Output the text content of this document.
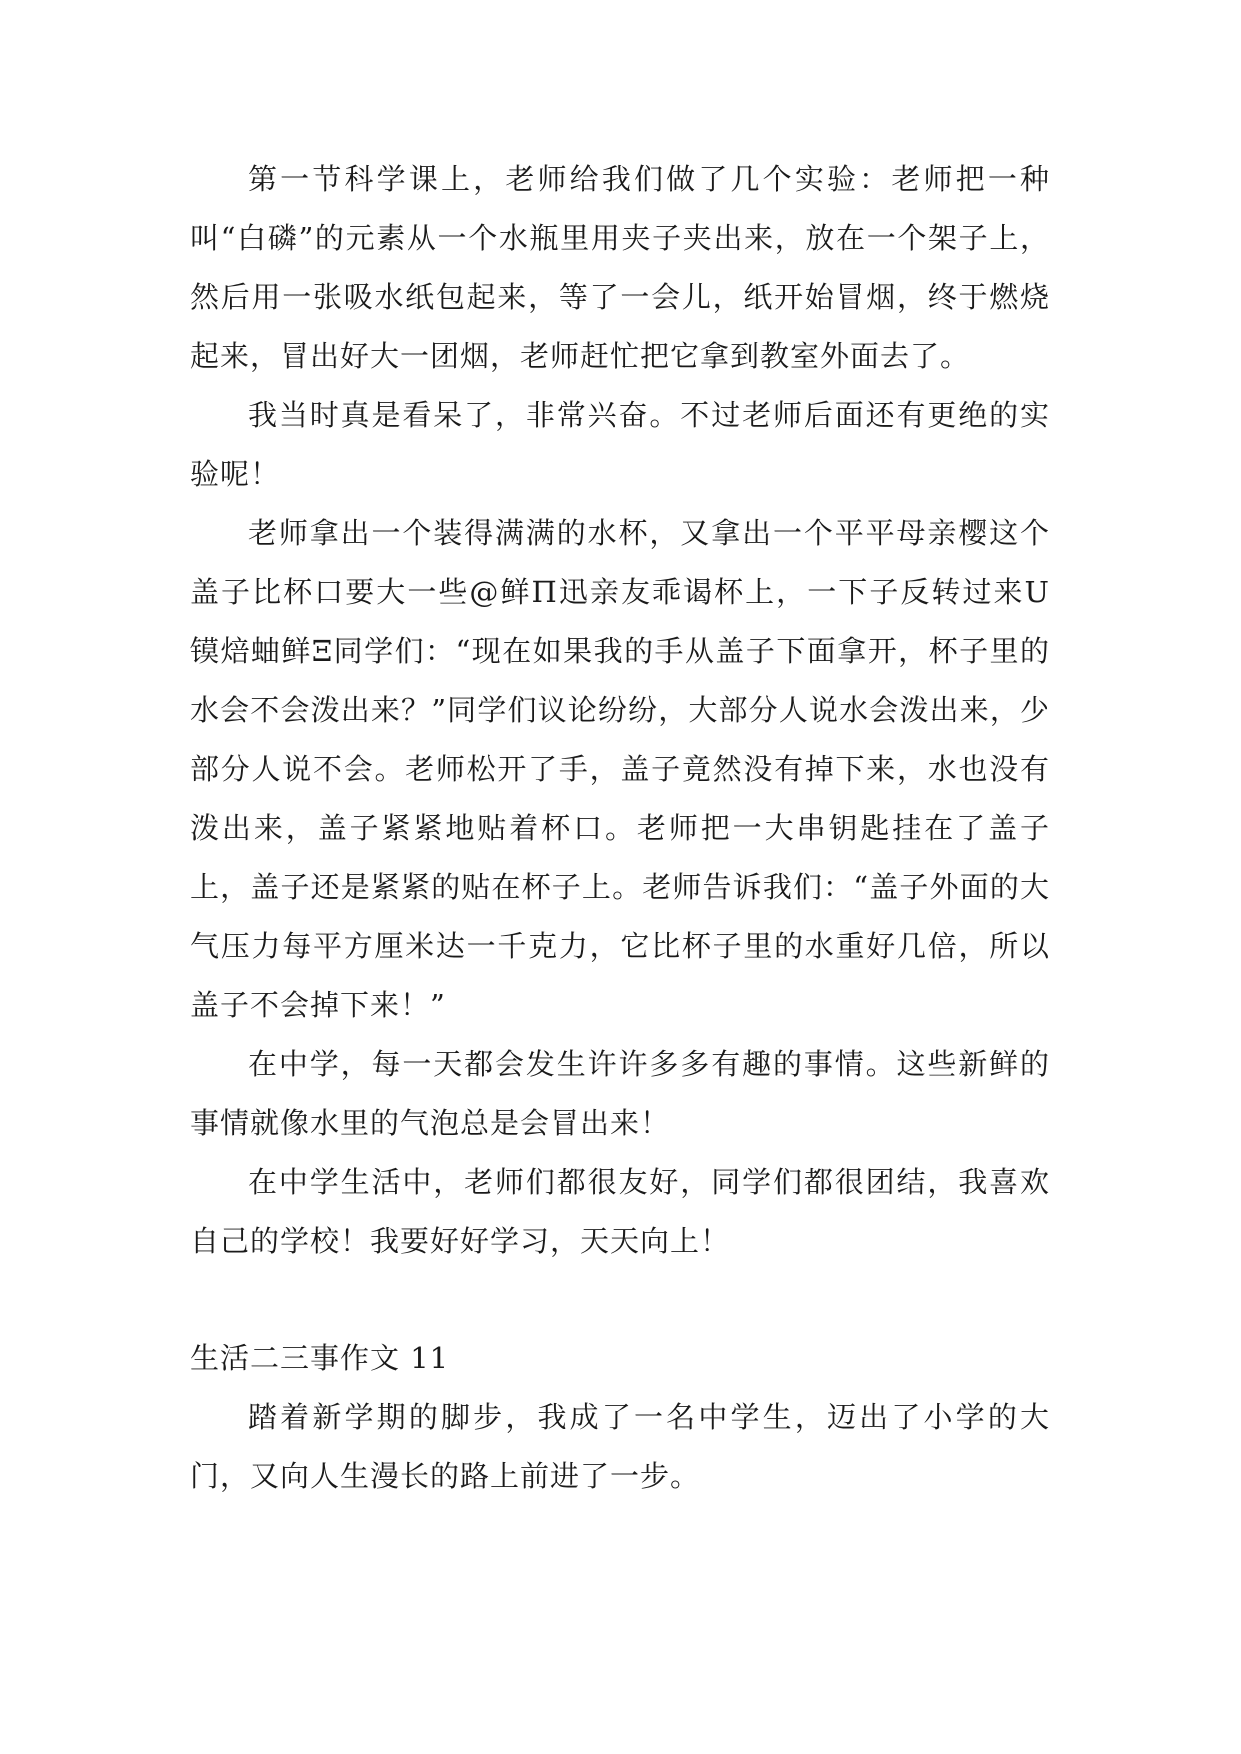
第一节科学课上，老师给我们做了几个实验：老师把一种叫“白磷”的元素从一个水瓶里用夹子夹出来，放在一个架子上，然后用一张吸水纸包起来，等了一会儿，纸开始冒烟，终于燃烧起来，冒出好大一团烟，老师赶忙把它拿到教室外面去了。

我当时真是看呆了，非常兴奋。不过老师后面还有更绝的实验呢！

老师拿出一个装得满满的水杯，又拿出一个平平母亲樱这个盖子比杯口要大一些@鲜Π迅亲友乖谒杯上，一下子反转过来U镆焙蚰鲜Ξ同学们：“现在如果我的手从盖子下面拿开，杯子里的水会不会泼出来？”同学们议论纷纷，大部分人说水会泼出来，少部分人说不会。老师松开了手，盖子竟然没有掉下来，水也没有泼出来，盖子紧紧地贴着杯口。老师把一大串钥匙挂在了盖子上，盖子还是紧紧的贴在杯子上。老师告诉我们：“盖子外面的大气压力每平方厘米达一千克力，它比杯子里的水重好几倍，所以盖子不会掉下来！”

在中学，每一天都会发生许许多多有趣的事情。这些新鲜的事情就像水里的气泡总是会冒出来！

在中学生活中，老师们都很友好，同学们都很团结，我喜欢自己的学校！我要好好学习，天天向上！

生活二三事作文 11

踏着新学期的脚步，我成了一名中学生，迈出了小学的大门，又向人生漫长的路上前进了一步。
